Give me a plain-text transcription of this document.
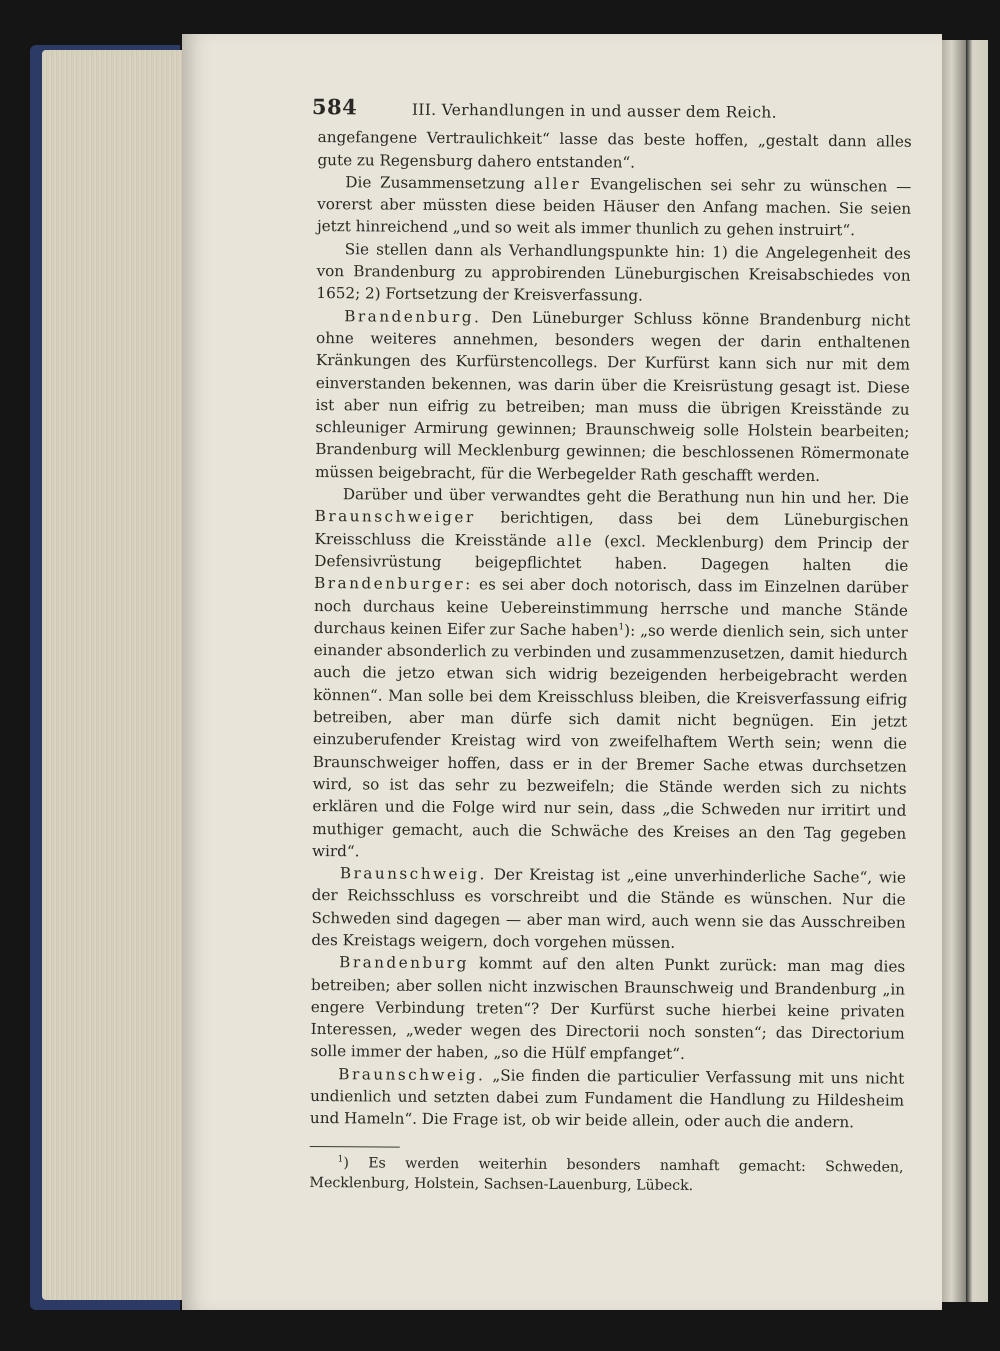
584	III. Verhandlungen in und ausser dem Reich.

angefangene Vertraulichkeit“ lasse das beste hoffen, „gestalt dann alles gute zu Regensburg dahero entstanden“.

Die Zusammensetzung aller Evangelischen sei sehr zu wünschen — vorerst aber müssten diese beiden Häuser den Anfang machen. Sie seien jetzt hinreichend „und so weit als immer thunlich zu gehen instruirt“.

Sie stellen dann als Verhandlungspunkte hin: 1) die Angelegenheit des von Brandenburg zu approbirenden Lüneburgischen Kreisabschiedes von 1652; 2) Fortsetzung der Kreisverfassung.

Brandenburg. Den Lüneburger Schluss könne Brandenburg nicht ohne weiteres annehmen, besonders wegen der darin enthaltenen Kränkungen des Kurfürstencollegs. Der Kurfürst kann sich nur mit dem einverstanden bekennen, was darin über die Kreisrüstung gesagt ist. Diese ist aber nun eifrig zu betreiben; man muss die übrigen Kreisstände zu schleuniger Armirung gewinnen; Braunschweig solle Holstein bearbeiten; Brandenburg will Mecklenburg gewinnen; die beschlossenen Römermonate müssen beigebracht, für die Werbegelder Rath geschafft werden.

Darüber und über verwandtes geht die Berathung nun hin und her. Die Braunschweiger berichtigen, dass bei dem Lüneburgischen Kreisschluss die Kreisstände alle (excl. Mecklenburg) dem Princip der Defensivrüstung beigepflichtet haben. Dagegen halten die Brandenburger: es sei aber doch notorisch, dass im Einzelnen darüber noch durchaus keine Uebereinstimmung herrsche und manche Stände durchaus keinen Eifer zur Sache haben$^1$): „so werde dienlich sein, sich unter einander absonderlich zu verbinden und zusammenzusetzen, damit hiedurch auch die jetzo etwan sich widrig bezeigenden herbeigebracht werden können“. Man solle bei dem Kreisschluss bleiben, die Kreisverfassung eifrig betreiben, aber man dürfe sich damit nicht begnügen. Ein jetzt einzuberufender Kreistag wird von zweifelhaftem Werth sein; wenn die Braunschweiger hoffen, dass er in der Bremer Sache etwas durchsetzen wird, so ist das sehr zu bezweifeln; die Stände werden sich zu nichts erklären und die Folge wird nur sein, dass „die Schweden nur irritirt und muthiger gemacht, auch die Schwäche des Kreises an den Tag gegeben wird“.

Braunschweig. Der Kreistag ist „eine unverhinderliche Sache“, wie der Reichsschluss es vorschreibt und die Stände es wünschen. Nur die Schweden sind dagegen — aber man wird, auch wenn sie das Ausschreiben des Kreistags weigern, doch vorgehen müssen.

Brandenburg kommt auf den alten Punkt zurück: man mag dies betreiben; aber sollen nicht inzwischen Braunschweig und Brandenburg „in engere Verbindung treten“? Der Kurfürst suche hierbei keine privaten Interessen, „weder wegen des Directorii noch sonsten“; das Directorium solle immer der haben, „so die Hülf empfanget“.

Braunschweig. „Sie finden die particulier Verfassung mit uns nicht undienlich und setzten dabei zum Fundament die Handlung zu Hildesheim und Hameln“. Die Frage ist, ob wir beide allein, oder auch die andern.

$^1$) Es werden weiterhin besonders namhaft gemacht: Schweden, Mecklenburg, Holstein, Sachsen-Lauenburg, Lübeck.
